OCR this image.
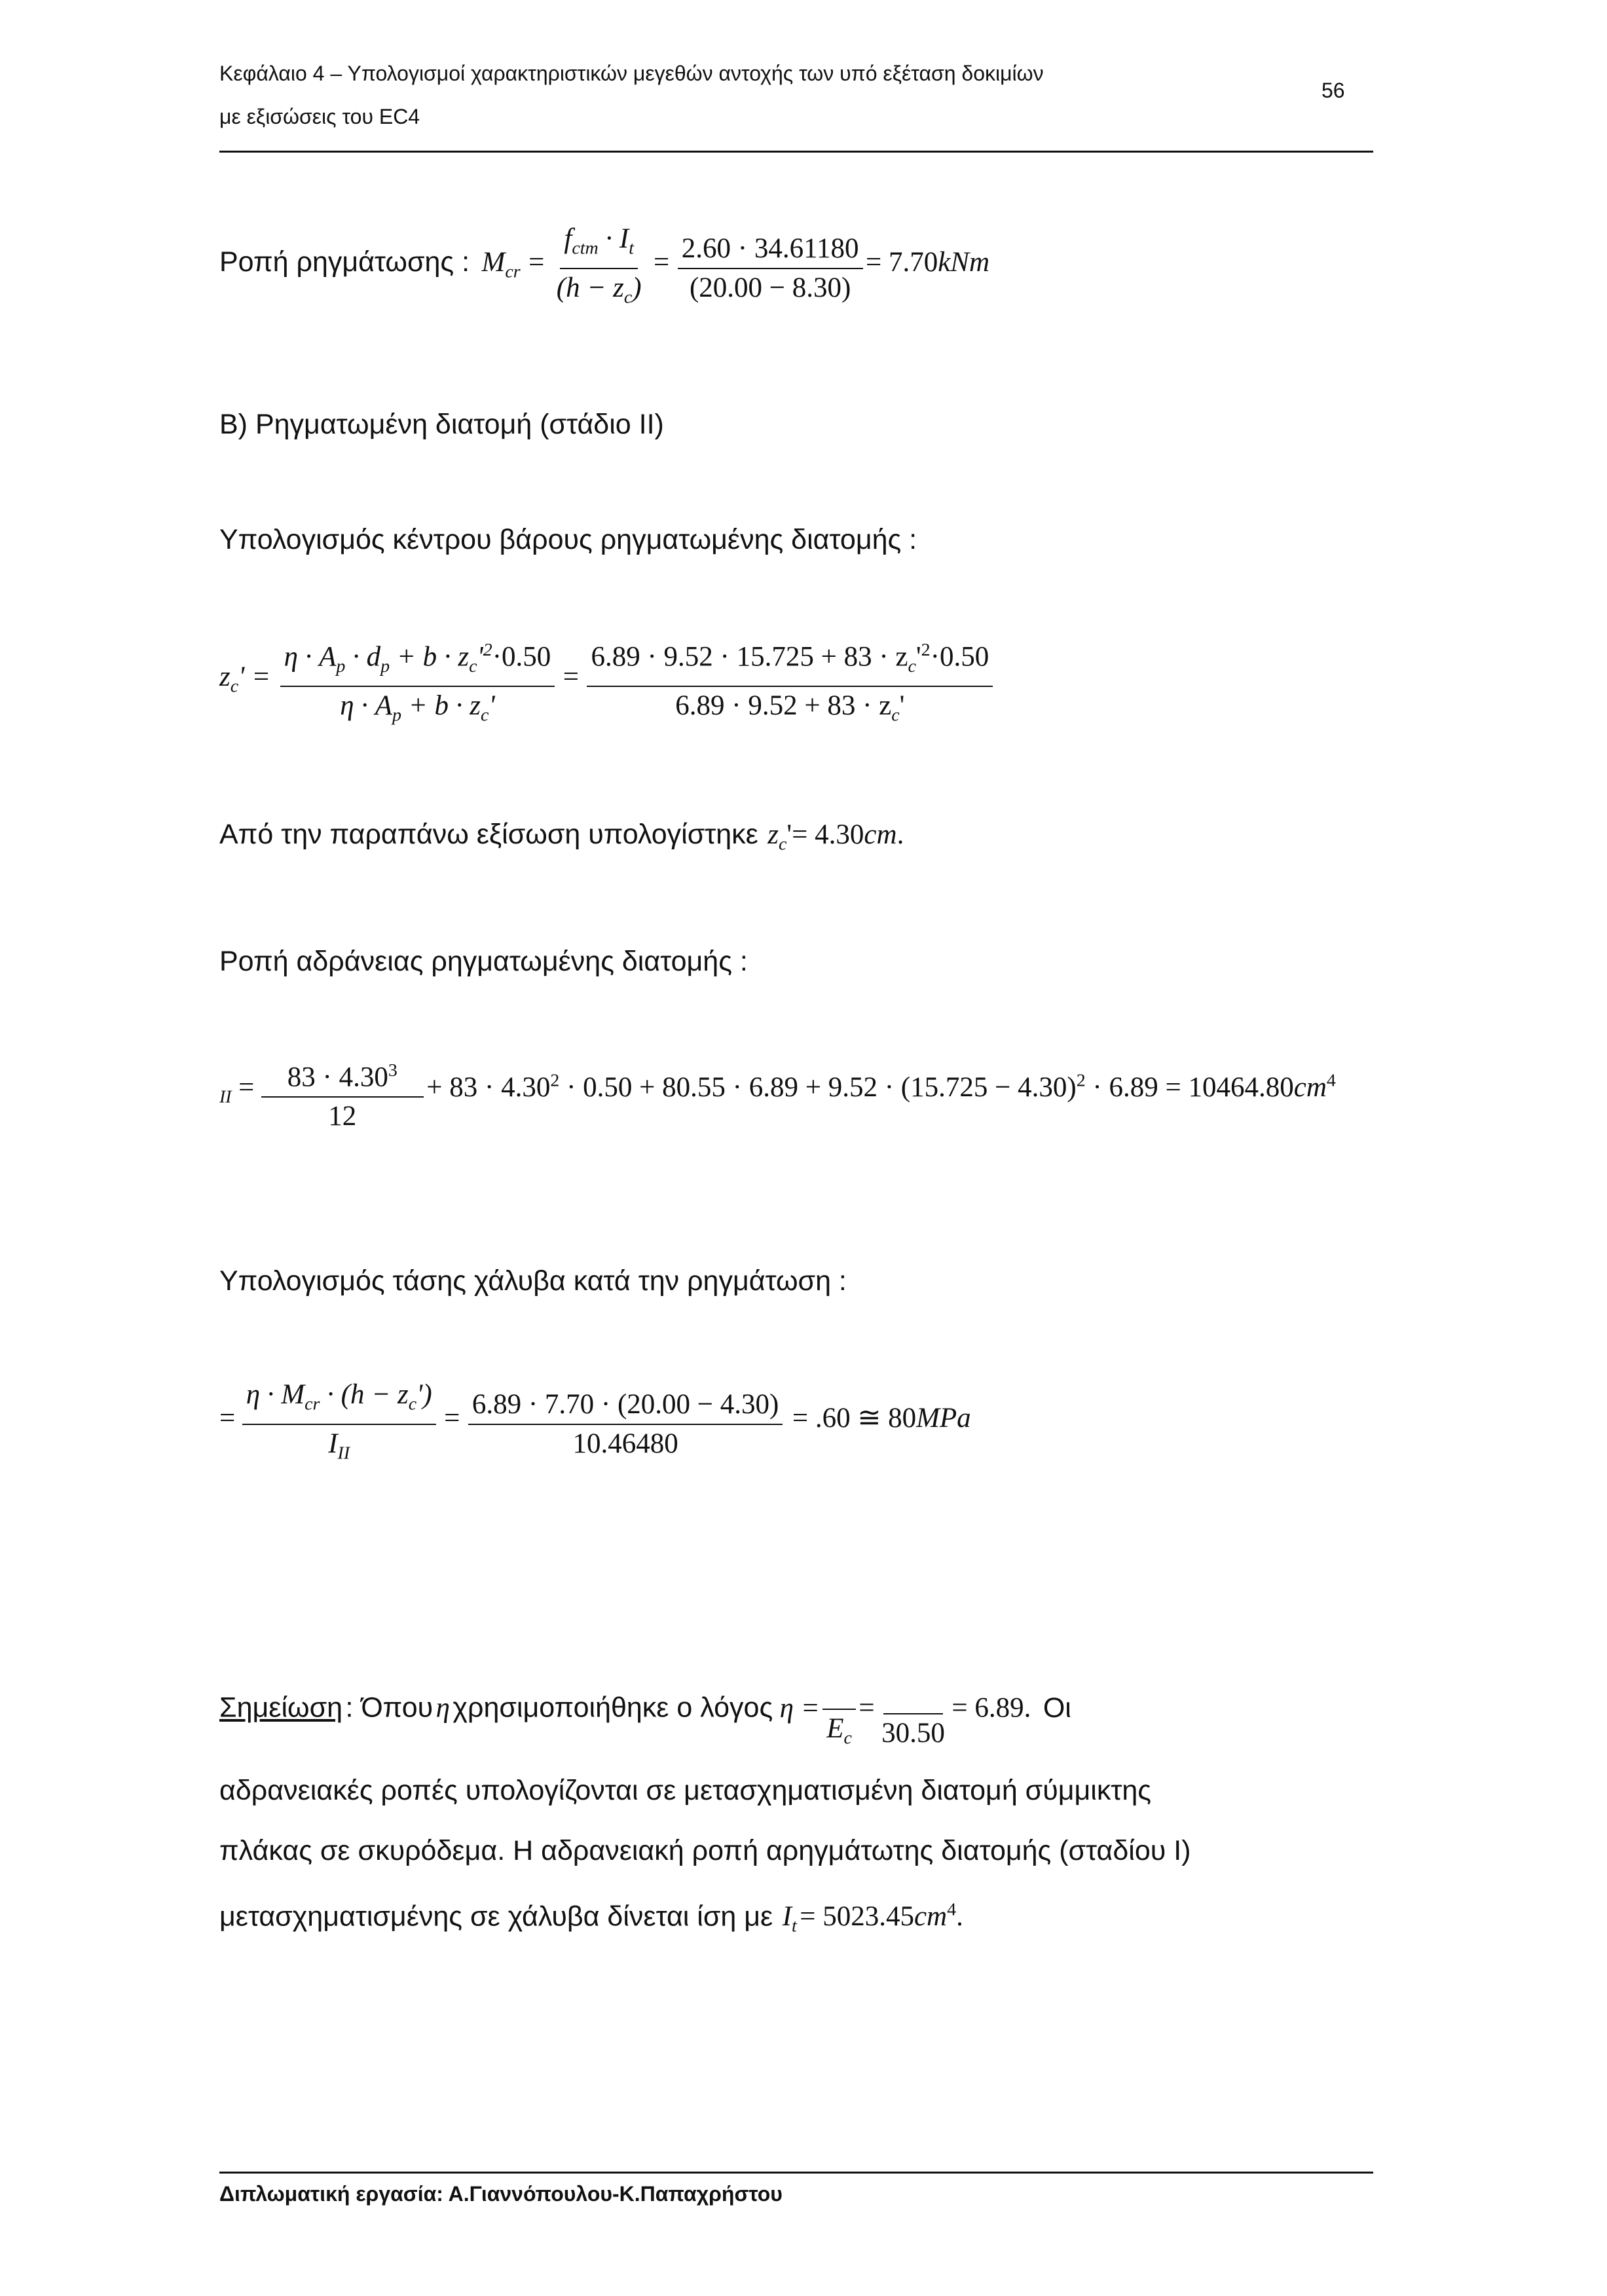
Κεφάλαιο 4 – Υπολογισμοί χαρακτηριστικών μεγεθών αντοχής των υπό εξέταση δοκιμίων
56
με εξισώσεις του EC4
Ροπή ρηγμάτωσης : $M_{cr} = \frac{f_{ctm} \cdot I_t}{(h - z_c)} = \frac{2.60 \cdot 34.61180}{(20.00 - 8.30)} = 7.70kNm$
Β) Ρηγματωμένη διατομή (στάδιο ΙΙ)
Υπολογισμός κέντρου βάρους ρηγματωμένης διατομής :
$z_c' = \frac{\eta \cdot A_p \cdot d_p + b \cdot z_c'^2\cdot 0.50}{\eta \cdot A_p + b \cdot z_c'} = \frac{6.89 \cdot 9.52 \cdot 15.725 + 83 \cdot z_c'^2\cdot 0.50}{6.89 \cdot 9.52 + 83 \cdot z_c'}$
Από την παραπάνω εξίσωση υπολογίστηκε $z_c'= 4.30cm$.
Ροπή αδράνειας ρηγματωμένης διατομής :
$_{II} = \frac{83 \cdot 4.30^3}{12} + 83 \cdot 4.30^2 \cdot 0.50 + 80.55 \cdot 6.89 + 9.52 \cdot (15.725 - 4.30)^2 \cdot 6.89 = 10464.80cm^4$
Υπολογισμός τάσης χάλυβα κατά την ρηγμάτωση :
= $\frac{\eta \cdot M_{cr} \cdot (h - z_c')}{I_{II}} = \frac{6.89 \cdot 7.70 \cdot (20.00 - 4.30)}{10.46480} = .60$ ≅ 80MPa
Σημείωση : Όπου η χρησιμοποιήθηκε ο λόγος η =

$E_c$
=

30.50
= 6.89. Οι
αδρανειακές ροπές υπολογίζονται σε μετασχηματισμένη διατομή σύμμικτης
πλάκας σε σκυρόδεμα. Η αδρανειακή ροπή αρηγμάτωτης διατομής (σταδίου Ι)
μετασχηματισμένης σε χάλυβα δίνεται ίση με $I_t = 5023.45cm^4$.
Διπλωματική εργασία: Α.Γιαννόπουλου-Κ.Παπαχρήστου
